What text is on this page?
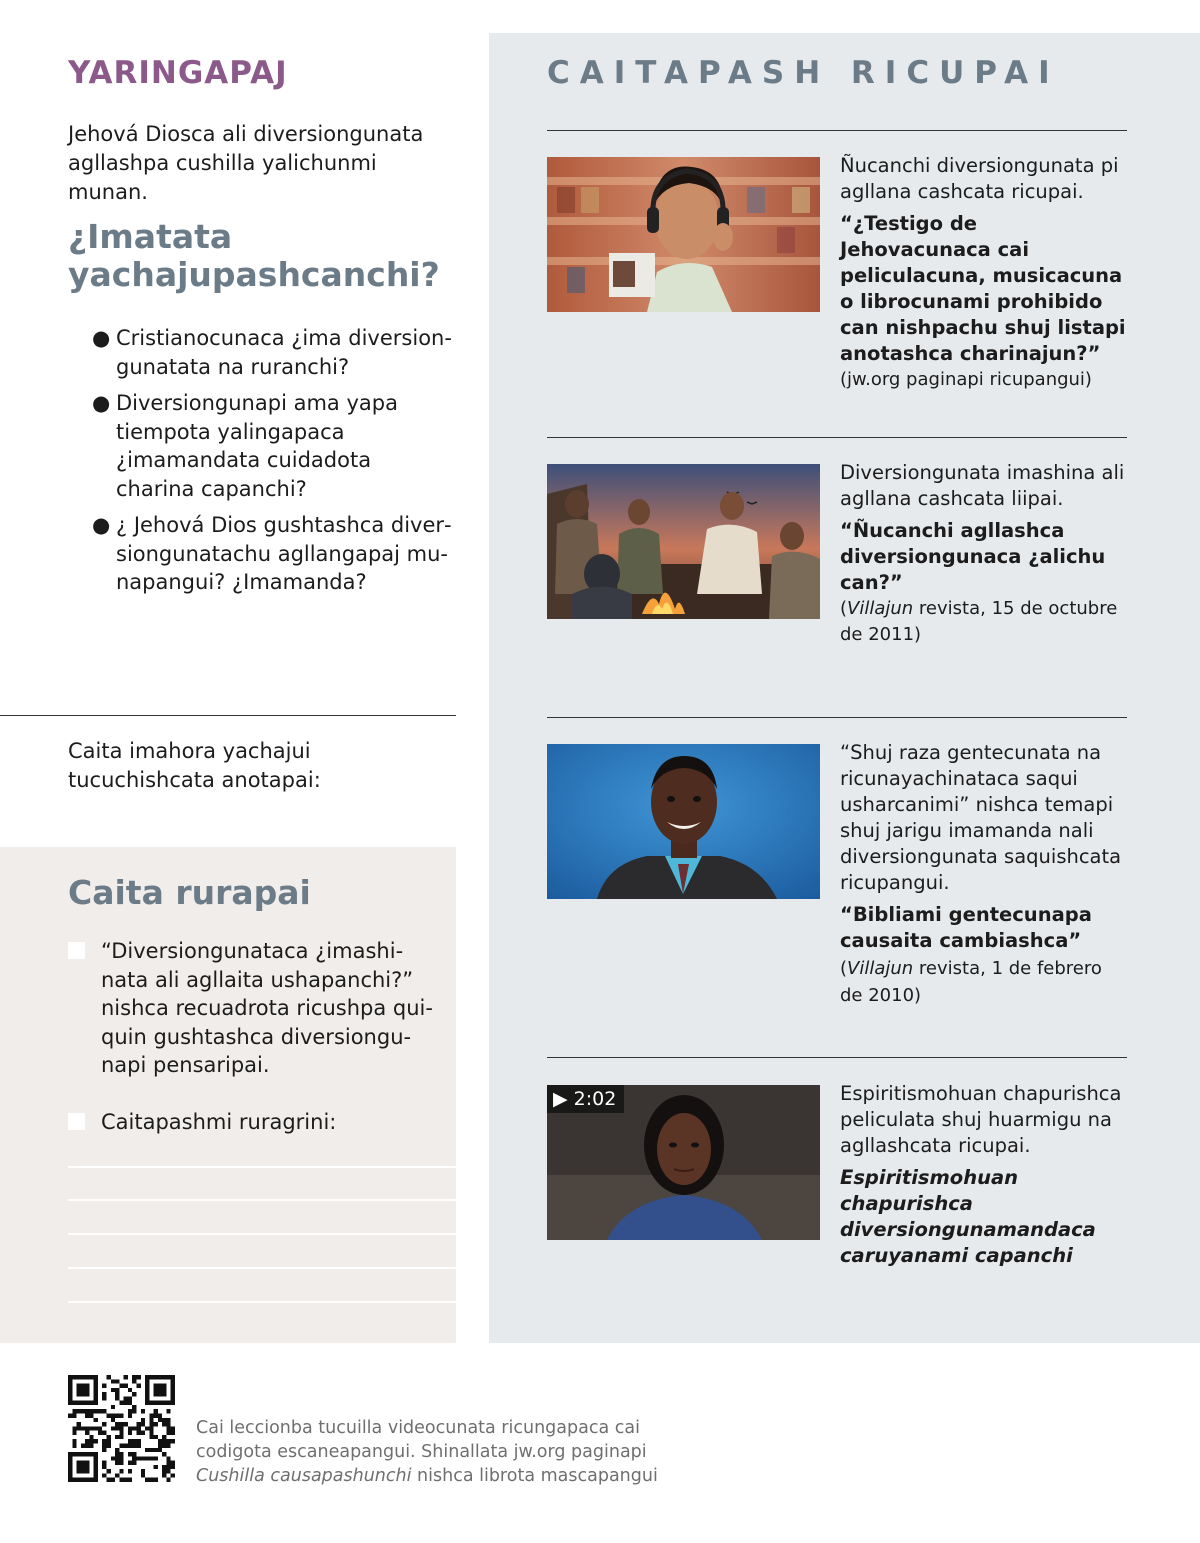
YARINGAPAJ

Jehová Diosca ali diversiongunata agllashpa cushilla yalichunmi munan.

¿Imatata yachajupashcanchi?
● Cristianocunaca ¿ima diversiongunatata na ruranchi?
● Diversiongunapi ama yapa tiempota yalingapaca ¿imamandata cuidadota charina capanchi?
● ¿ Jehová Dios gushtashca diversiongunatachu agllangapaj munapangui? ¿Imamanda?

Caita imahora yachajui tucuchishcata anotapai:

Caita rurapai
“Diversiongunataca ¿imashinata ali agllaita ushapanchi?” nishca recuadrota ricushpa quiquin gushtashca diversiongunapi pensaripai.
Caitapashmi ruragrini:
CAITAPASH RICUPAI
Ñucanchi diversiongunata pi agllana cashcata ricupai.
“¿Testigo de Jehovacunaca cai peliculacuna, musicacuna o librocunami prohibido can nishpachu shuj listapi anotashca charinajun?”
(jw.org paginapi ricupangui)
Diversiongunata imashina ali agllana cashcata liipai.
“Ñucanchi agllashca diversiongunaca ¿alichu can?”
(Villajun revista, 15 de octubre de 2011)
“Shuj raza gentecunata na ricunayachinataca saqui usharcanimi” nishca temapi shuj jarigu imamanda nali diversiongunata saquishcata ricupangui.
“Bibliami gentecunapa causaita cambiashca” (Villajun revista, 1 de febrero de 2010)
▶ 2:02	Espiritismohuan chapurishca peliculata shuj huarmigu na agllashcata ricupai.
Espiritismohuan chapurishca diversiongunamandaca caruyanami capanchi

Cai leccionba tucuilla videocunata ricungapaca cai codigota escaneapangui. Shinallata jw.org paginapi
Cushilla causapashunchi nishca librota mascapangui
